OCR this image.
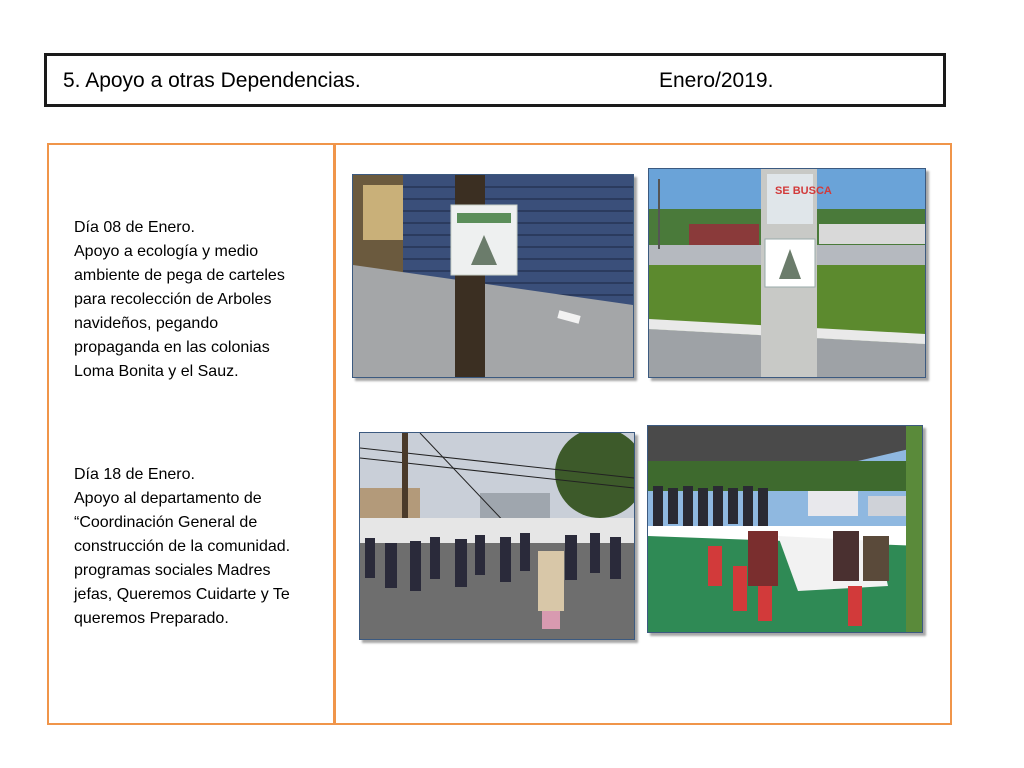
5. Apoyo a otras Dependencias.	Enero/2019.
Día 08 de Enero.
Apoyo a ecología y medio
ambiente de pega de carteles
para recolección de Arboles
navideños, pegando
propaganda en las colonias
Loma Bonita y el Sauz.
Día 18 de Enero.
Apoyo al departamento de
“Coordinación General de
construcción de la comunidad.
programas sociales Madres
jefas, Queremos Cuidarte y Te
queremos Preparado.
SE BUSCA
